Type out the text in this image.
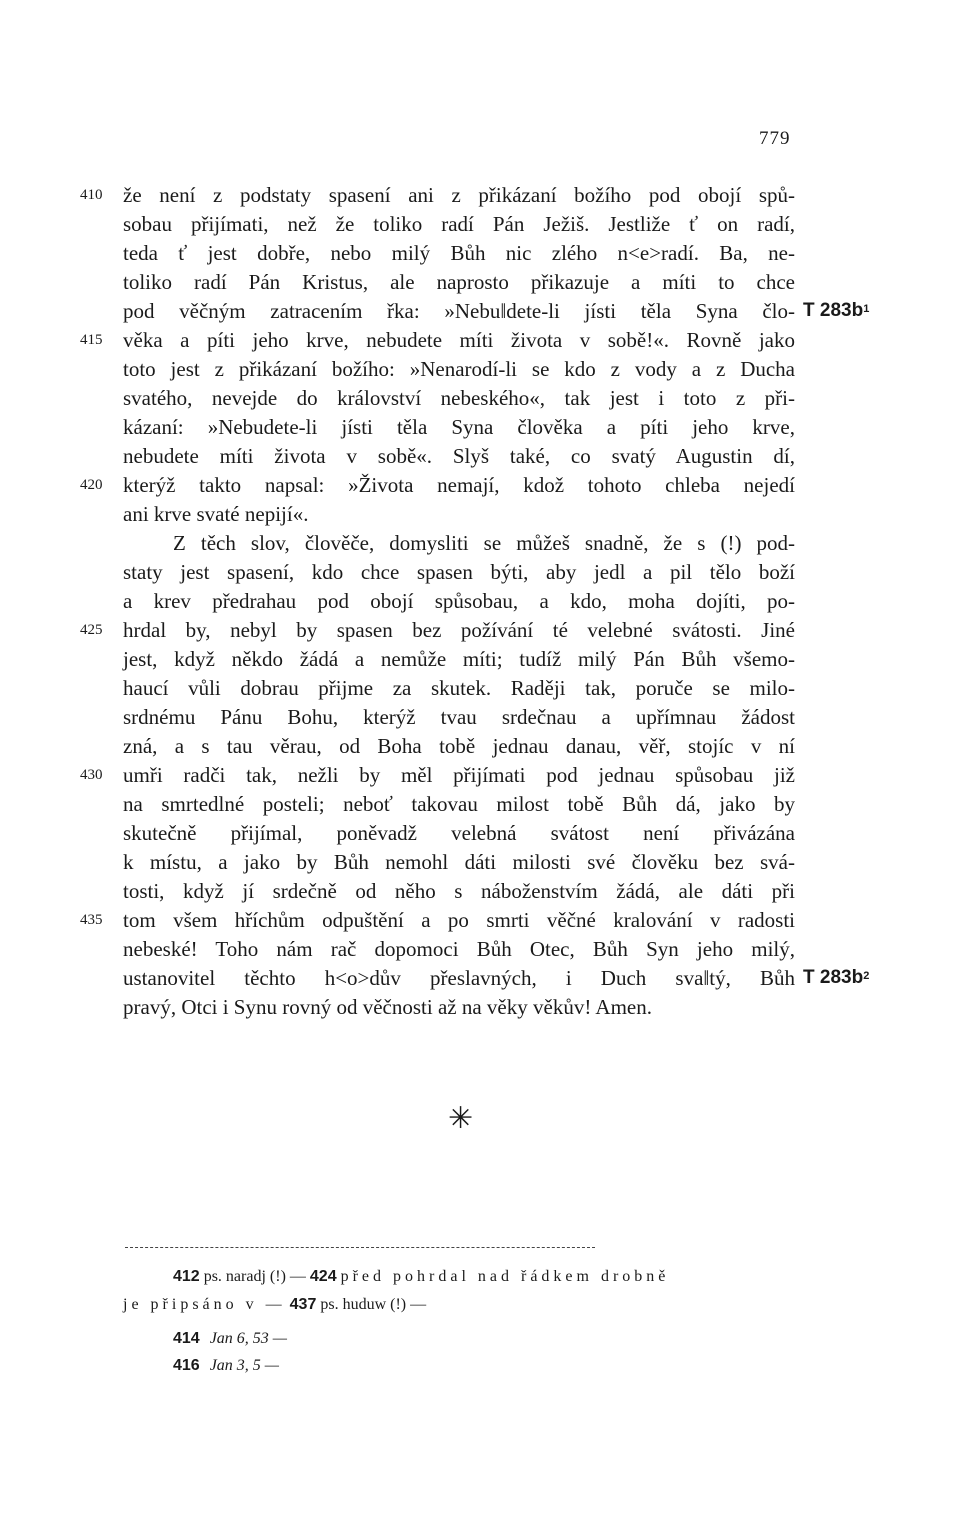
779
410 že není z podstaty spasení ani z přikázaní božího pod obojí spů-
sobau přijímati, než že toliko radí Pán Ježiš. Jestliže ť on radí,
teda ť jest dobře, nebo milý Bůh nic zlého n<e>radí. Ba, ne-
toliko radí Pán Kristus, ale naprosto přikazuje a míti to chce
pod věčným zatracením řka: »Nebu‖dete-li jísti těla Syna člo- T $283b^1$
415 věka a píti jeho krve, nebudete míti života v sobě!«. Rovně jako
toto jest z přikázaní božího: »Nenarodí-li se kdo z vody a z Ducha
svatého, nevejde do království nebeského«, tak jest i toto z při-
kázaní: »Nebudete-li jísti těla Syna člověka a píti jeho krve,
nebudete míti života v sobě«. Slyš také, co svatý Augustin dí,
420 kterýž takto napsal: »Života nemají, kdož tohoto chleba nejedí
ani krve svaté nepijí«.
Z těch slov, člověče, domysliti se můžeš snadně, že s (!) pod-
staty jest spasení, kdo chce spasen býti, aby jedl a pil tělo boží
a krev předrahau pod obojí spůsobau, a kdo, moha dojíti, po-
425 hrdal by, nebyl by spasen bez požívání té velebné svátosti. Jiné
jest, když někdo žádá a nemůže míti; tudíž milý Pán Bůh všemo-
haucí vůli dobrau přijme za skutek. Raději tak, poruče se milo-
srdnému Pánu Bohu, kterýž tvau srdečnau a upřímnau žádost
zná, a s tau věrau, od Boha tobě jednau danau, věř, stojíc v ní
430 umři radči tak, nežli by měl přijímati pod jednau spůsobau již
na smrtedlné posteli; neboť takovau milost tobě Bůh dá, jako by
skutečně přijímal, poněvadž velebná svátost není přivázána
k místu, a jako by Bůh nemohl dáti milosti své člověku bez svá-
tosti, když jí srdečně od něho s náboženstvím žádá, ale dáti při
435 tom všem hříchům odpuštění a po smrti věčné kralování v radosti
nebeské! Toho nám rač dopomoci Bůh Otec, Bůh Syn jeho milý,
ustanovitel těchto h<o>dův přeslavných, i Duch sva‖tý, Bůh T $283b^2$
pravý, Otci i Synu rovný od věčnosti až na věky věkův! Amen.
✳
412 ps. naradj (!) — 424 před pohrdal nad řádkem drobně
je připsáno v — 437 ps. huduw (!) —
414 Jan 6, 53 —
416 Jan 3, 5 —
